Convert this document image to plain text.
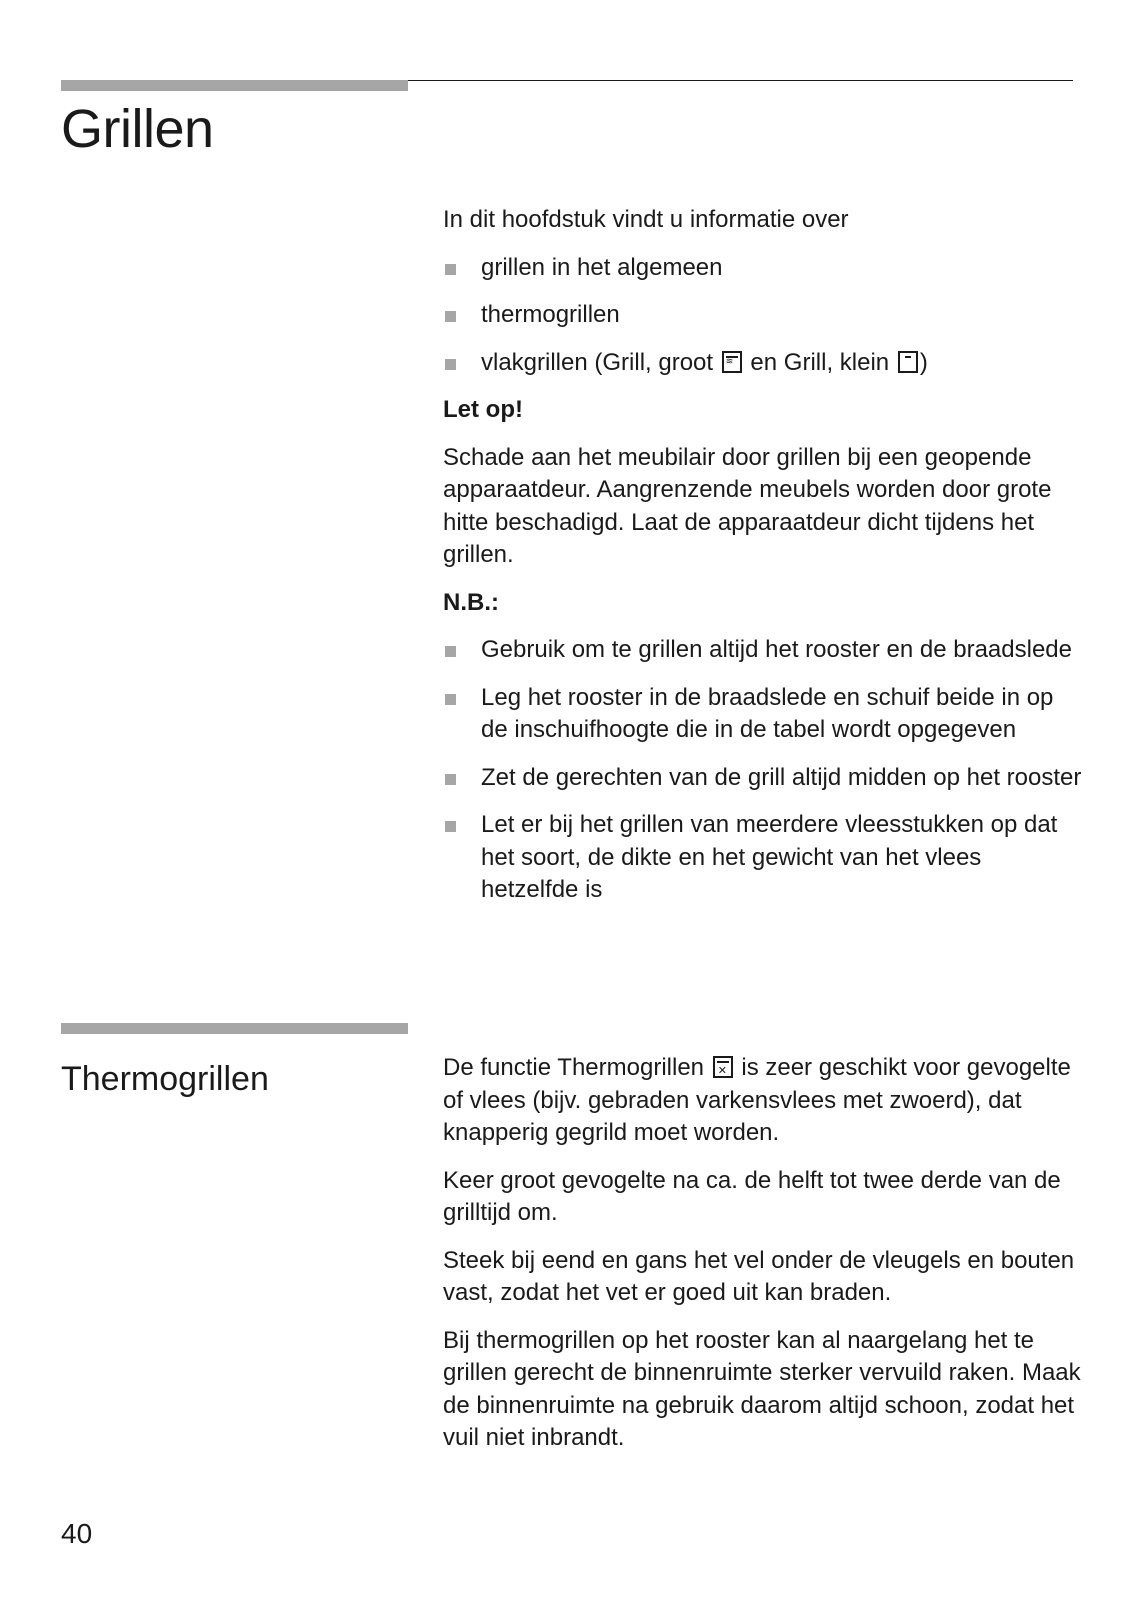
Grillen

In dit hoofdstuk vindt u informatie over

grillen in het algemeen
thermogrillen
vlakgrillen (Grill, groot ≋ en Grill, klein )

Let op!

Schade aan het meubilair door grillen bij een geopende apparaatdeur. Aangrenzende meubels worden door grote hitte beschadigd. Laat de apparaatdeur dicht tijdens het grillen.

N.B.:

Gebruik om te grillen altijd het rooster en de braadslede
Leg het rooster in de braadslede en schuif beide in op de inschuifhoogte die in de tabel wordt opgegeven
Zet de gerechten van de grill altijd midden op het rooster
Let er bij het grillen van meerdere vleesstukken op dat het soort, de dikte en het gewicht van het vlees hetzelfde is
Thermogrillen	De functie Thermogrillen ✕ is zeer geschikt voor gevogelte of vlees (bijv. gebraden varkensvlees met zwoerd), dat knapperig gegrild moet worden.

Keer groot gevogelte na ca. de helft tot twee derde van de grilltijd om.

Steek bij eend en gans het vel onder de vleugels en bouten vast, zodat het vet er goed uit kan braden.

Bij thermogrillen op het rooster kan al naargelang het te grillen gerecht de binnenruimte sterker vervuild raken. Maak de binnenruimte na gebruik daarom altijd schoon, zodat het vuil niet inbrandt.

40
